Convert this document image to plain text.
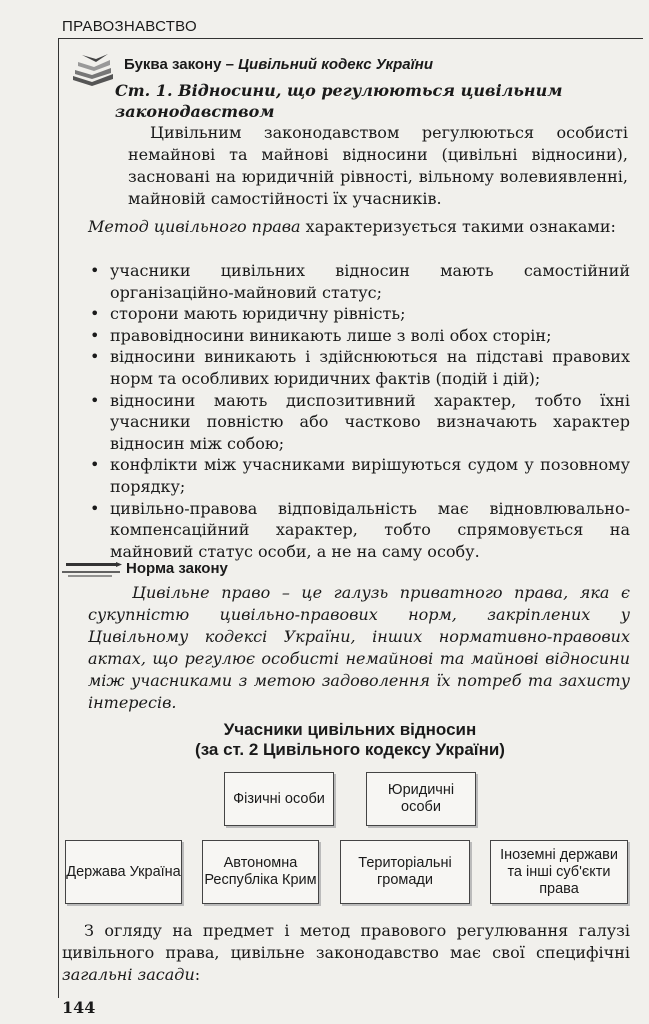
ПРАВОЗНАВСТВО
Буква закону – Цивільний кодекс України
Ст. 1. Відносини, що регулюються цивільним законодавством
Цивільним законодавством регулюються особисті немайнові та майнові відносини (цивільні відносини), засновані на юридичній рівності, вільному волевиявленні, майновій самостійності їх учасників.
Метод цивільного права характеризується такими ознаками:
• учасники цивільних відносин мають самостійний організаційно-майновий статус;
• сторони мають юридичну рівність;
• правовідносини виникають лише з волі обох сторін;
• відносини виникають і здійснюються на підставі правових норм та особливих юридичних фактів (подій і дій);
• відносини мають диспозитивний характер, тобто їхні учасники повністю або частково визначають характер відносин між собою;
• конфлікти між учасниками вирішуються судом у позовному порядку;
• цивільно-правова відповідальність має відновлювально-компенсаційний характер, тобто спрямовується на майновий статус особи, а не на саму особу.
Норма закону
Цивільне право – це галузь приватного права, яка є сукупністю цивільно-правових норм, закріплених у Цивільному кодексі України, інших нормативно-правових актах, що регулює особисті немайнові та майнові відносини між учасниками з метою задоволення їх потреб та захисту інтересів.
Учасники цивільних відносин
(за ст. 2 Цивільного кодексу України)
Фізичні особи
Юридичні особи
Держава Україна
Автономна Республіка Крим
Територіальні громади
Іноземні держави та інші суб'єкти права
З огляду на предмет і метод правового регулювання галузі цивільного права, цивільне законодавство має свої специфічні загальні засади:
144
